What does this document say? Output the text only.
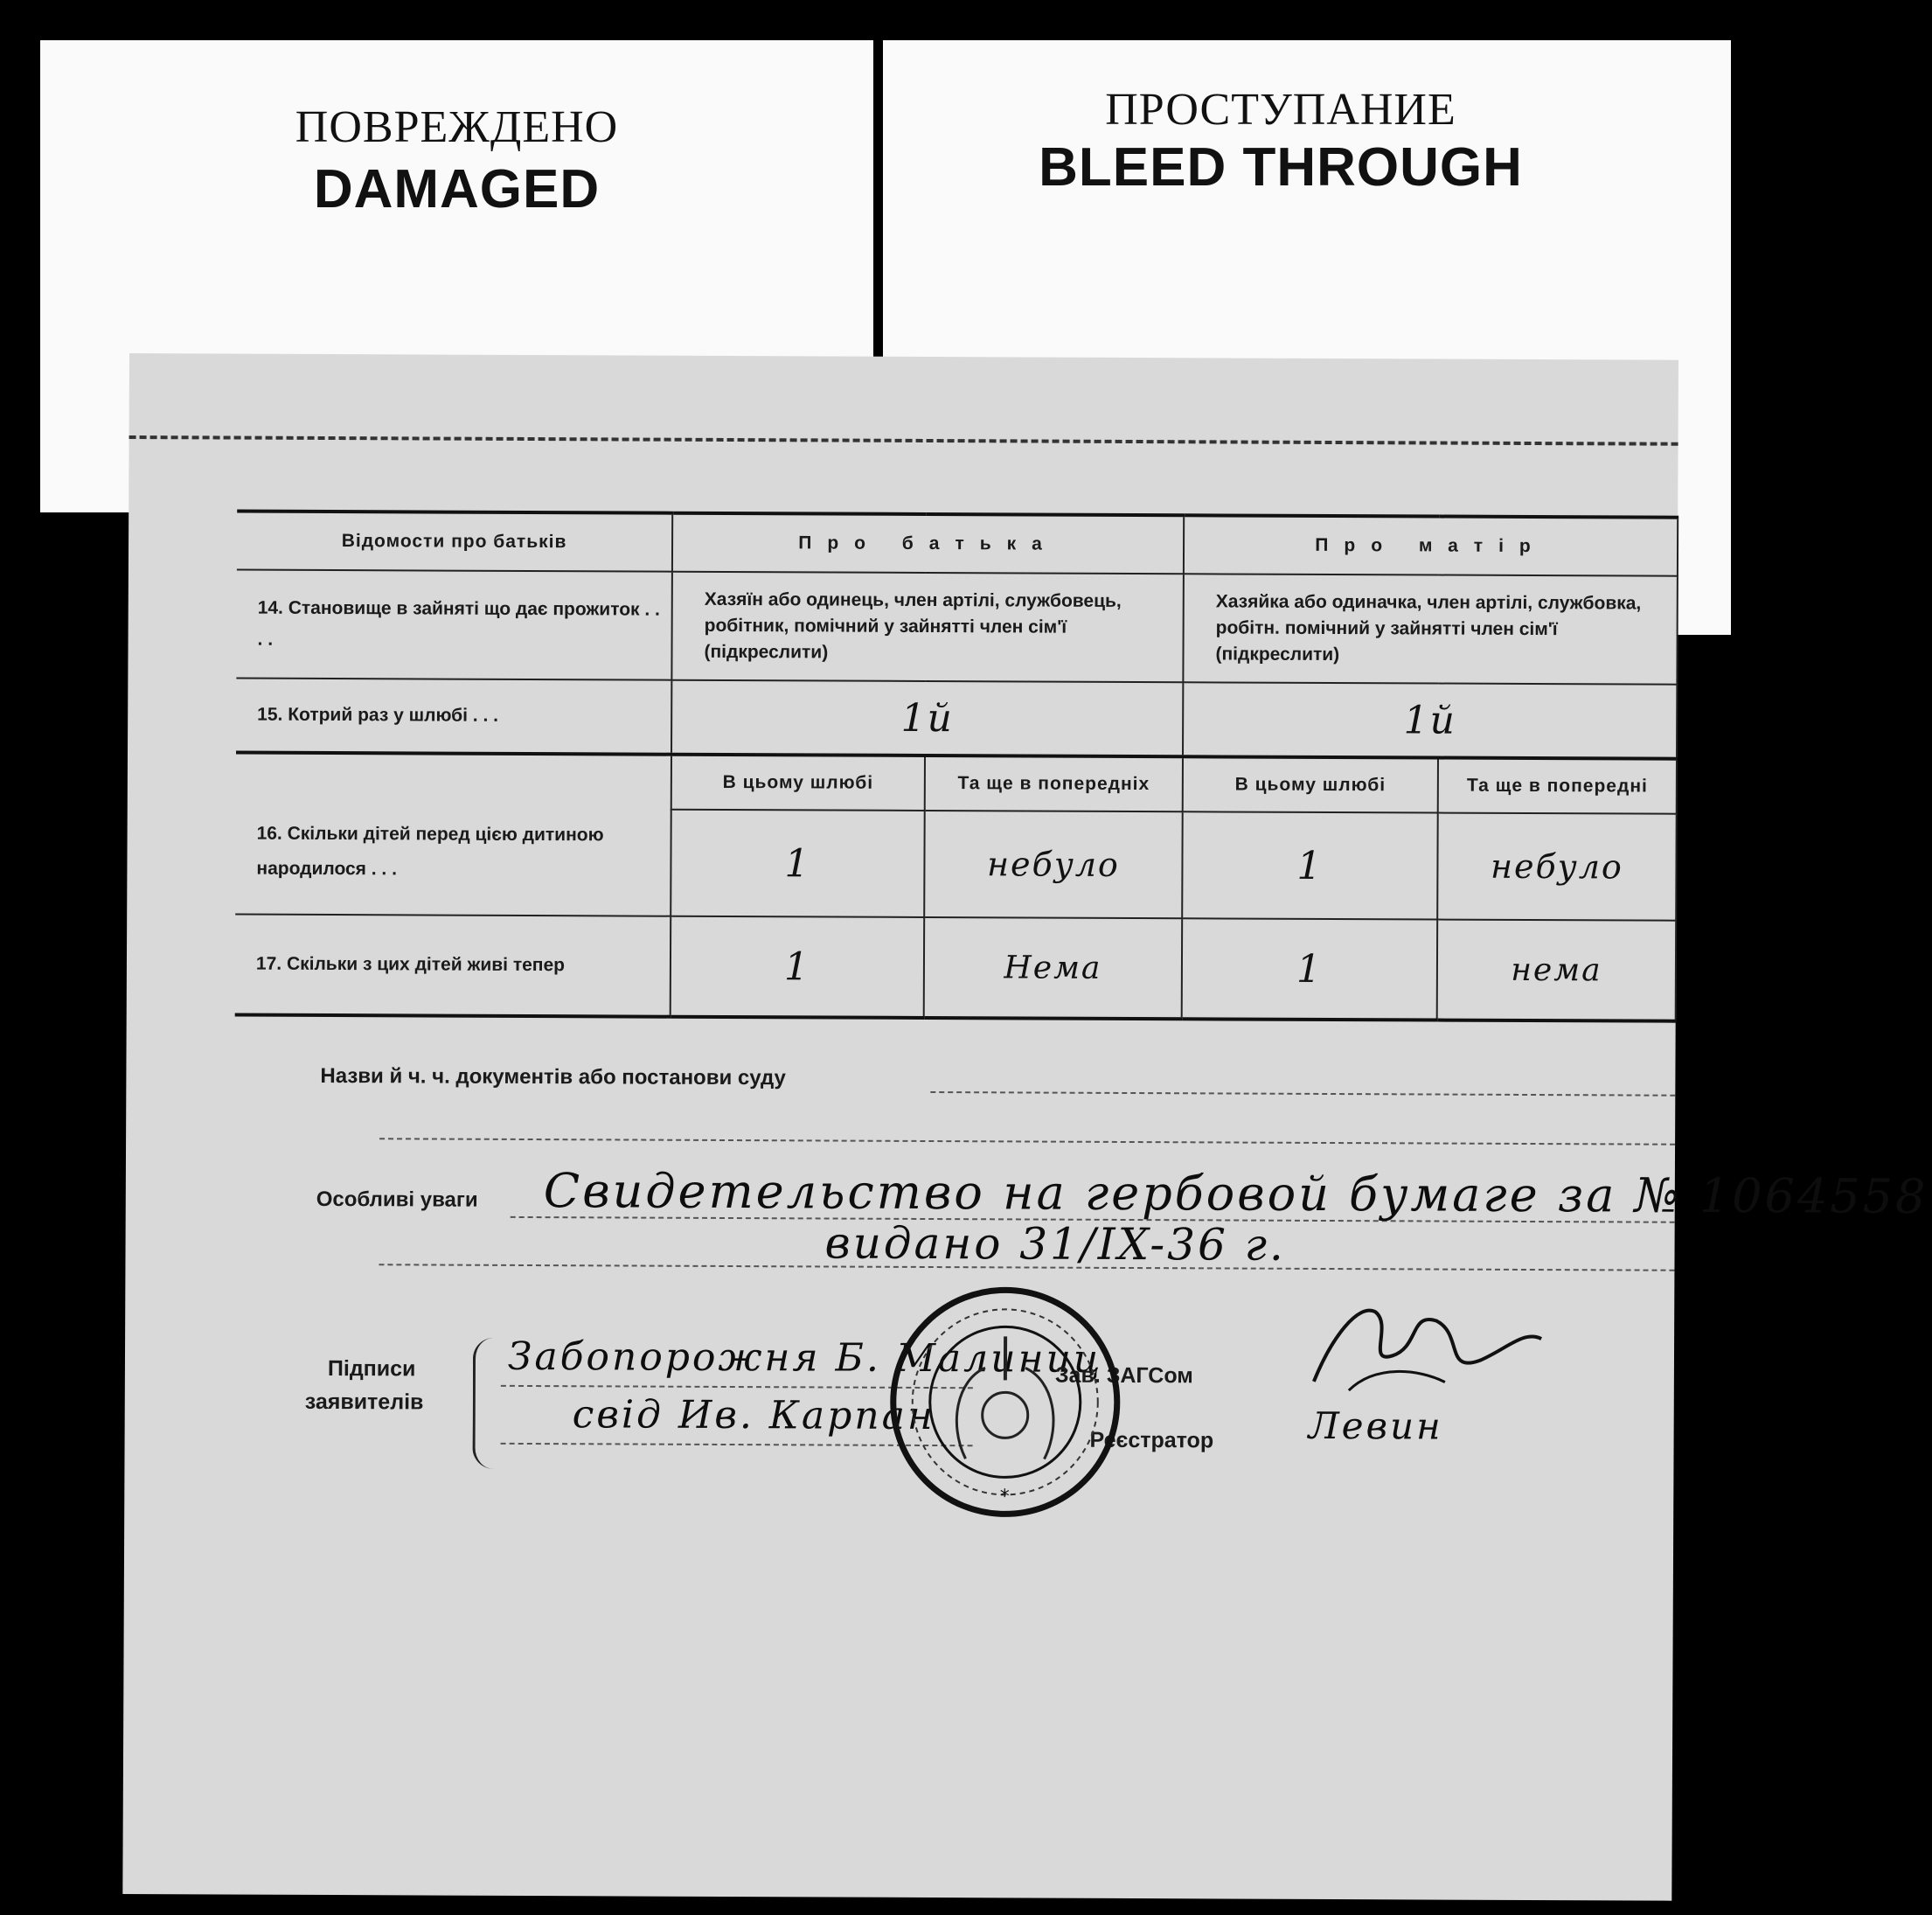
ПОВРЕЖДЕНО
DAMAGED
ПРОСТУПАНИЕ
BLEED THROUGH
Відомости про батьків	Про батька		Про матір	
14. Становище в зайняті що дає прожиток . . . .	Хазяїн або одинець, член артілі, службовець, робітник, помічний у зайнятті член сім'ї (підкреслити)		Хазяйка або одиначка, член артілі, службовка, робітн. помічний у зайнятті член сім'ї (підкреслити)	
15. Котрий раз у шлюбі . . .	1й		1й	

16. Скільки дітей перед цією дитиною народилося . . .	В цьому шлюбі	Та ще в попередніх	В цьому шлюбі	Та ще в попередні
	1	небуло	1	небуло
17. Скільки з цих дітей живі тепер	1	Нема	1	нема
Назви й ч. ч. документів або постанови суду
Особливі уваги Свидетельство на гербовой бумаге за № 1064558
видано 31/IX-36 г.
Підписи
заявителів
Забопорожня Б. Малиниц
свід Ив. Карпан
Зав. ЗАГСом
Реєстратор	Левин
*
